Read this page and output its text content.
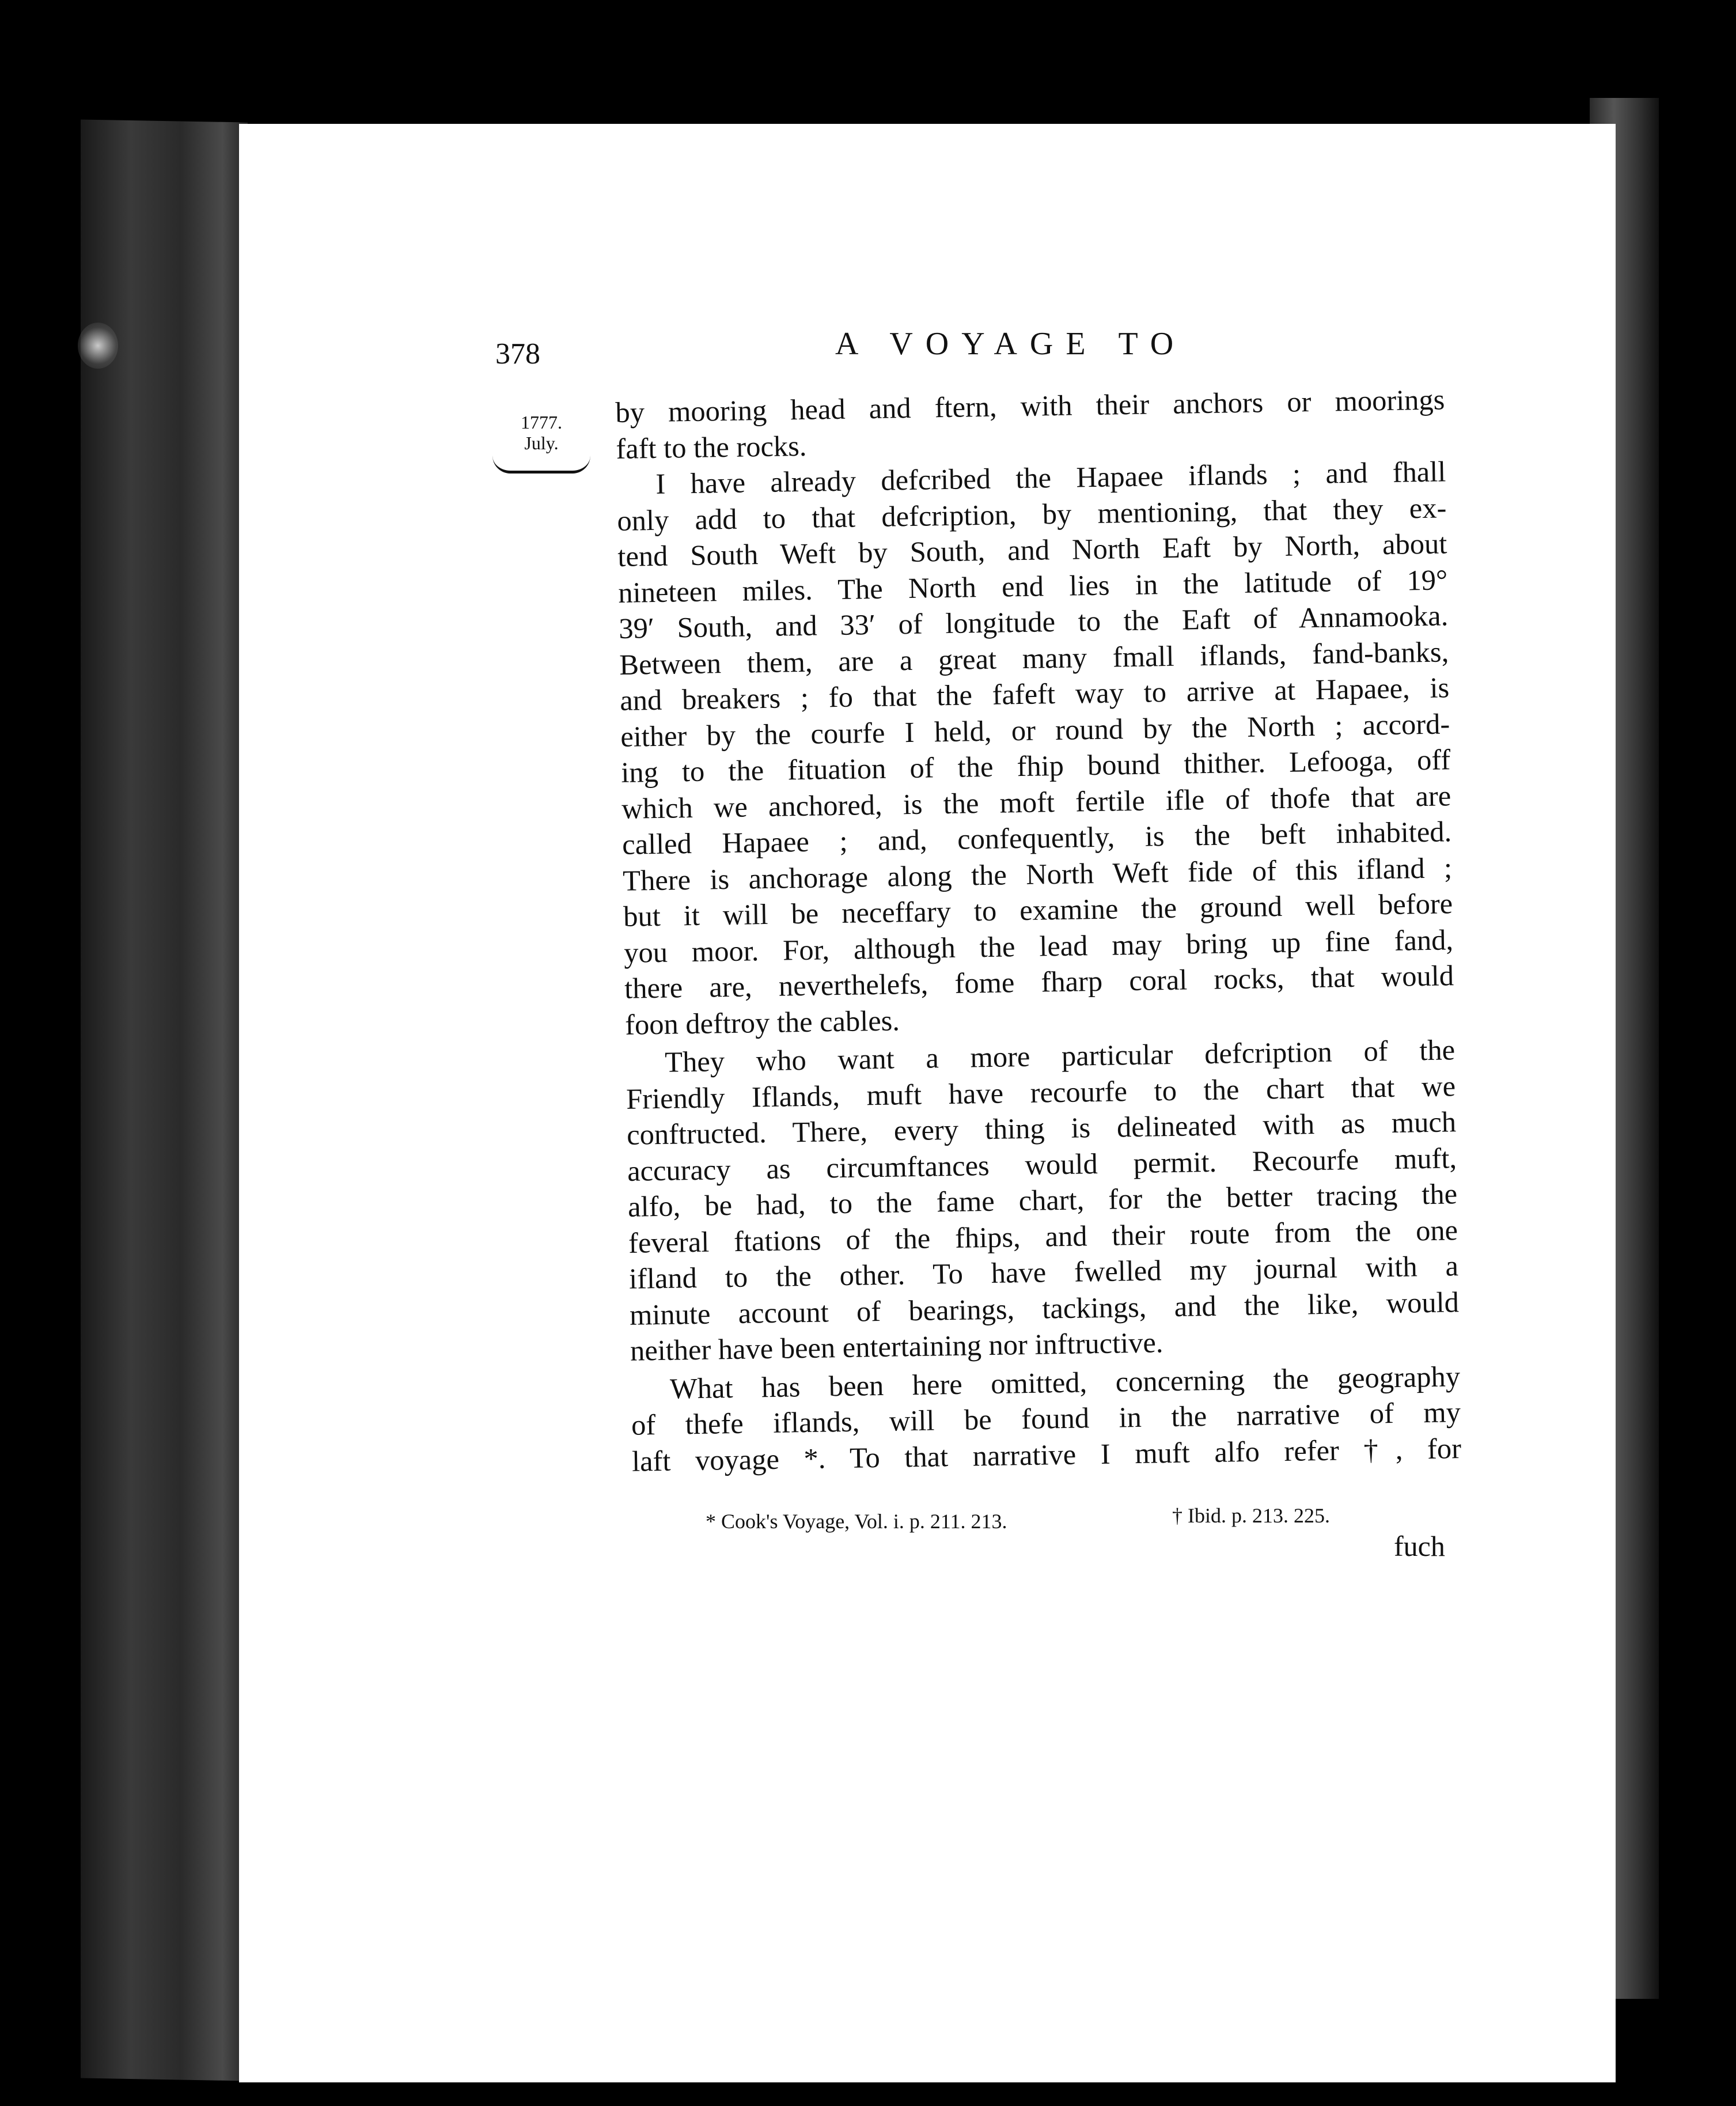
378	A VOYAGE TO
1777.
July.
by mooring head and ftern, with their anchors or moorings
faft to the rocks.
I have already defcribed the Hapaee iflands ; and fhall
only add to that defcription, by mentioning, that they ex-
tend South Weft by South, and North Eaft by North, about
nineteen miles. The North end lies in the latitude of 19°
39′ South, and 33′ of longitude to the Eaft of Annamooka.
Between them, are a great many fmall iflands, fand-banks,
and breakers ; fo that the fafeft way to arrive at Hapaee, is
either by the courfe I held, or round by the North ; accord-
ing to the fituation of the fhip bound thither. Lefooga, off
which we anchored, is the moft fertile ifle of thofe that are
called Hapaee ; and, confequently, is the beft inhabited.
There is anchorage along the North Weft fide of this ifland ;
but it will be neceffary to examine the ground well before
you moor. For, although the lead may bring up fine fand,
there are, neverthelefs, fome fharp coral rocks, that would
foon deftroy the cables.
They who want a more particular defcription of the
Friendly Iflands, muft have recourfe to the chart that we
conftructed. There, every thing is delineated with as much
accuracy as circumftances would permit. Recourfe muft,
alfo, be had, to the fame chart, for the better tracing the
feveral ftations of the fhips, and their route from the one
ifland to the other. To have fwelled my journal with a
minute account of bearings, tackings, and the like, would
neither have been entertaining nor inftructive.
What has been here omitted, concerning the geography
of thefe iflands, will be found in the narrative of my
laft voyage *. To that narrative I muft alfo refer †, for
* Cook's Voyage, Vol. i. p. 211. 213.	† Ibid. p. 213. 225.
fuch
